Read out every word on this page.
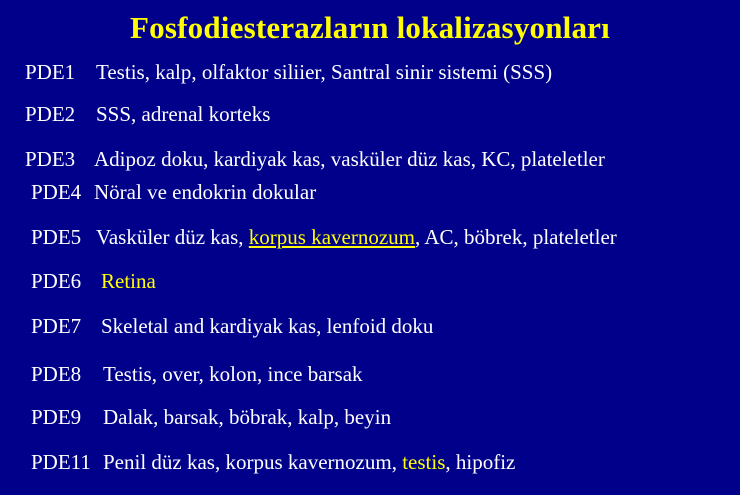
Fosfodiesterazların lokalizasyonları
PDE1 Testis, kalp, olfaktor siliier, Santral sinir sistemi (SSS)
PDE2 SSS, adrenal korteks
PDE3 Adipoz doku, kardiyak kas, vasküler düz kas, KC, plateletler
PDE4 Nöral ve endokrin dokular
PDE5 Vasküler düz kas, korpus kavernozum, AC, böbrek, plateletler
PDE6 Retina
PDE7 Skeletal and kardiyak kas, lenfoid doku
PDE8 Testis, over, kolon, ince barsak
PDE9 Dalak, barsak, böbrak, kalp, beyin
PDE11 Penil düz kas, korpus kavernozum, testis, hipofiz
